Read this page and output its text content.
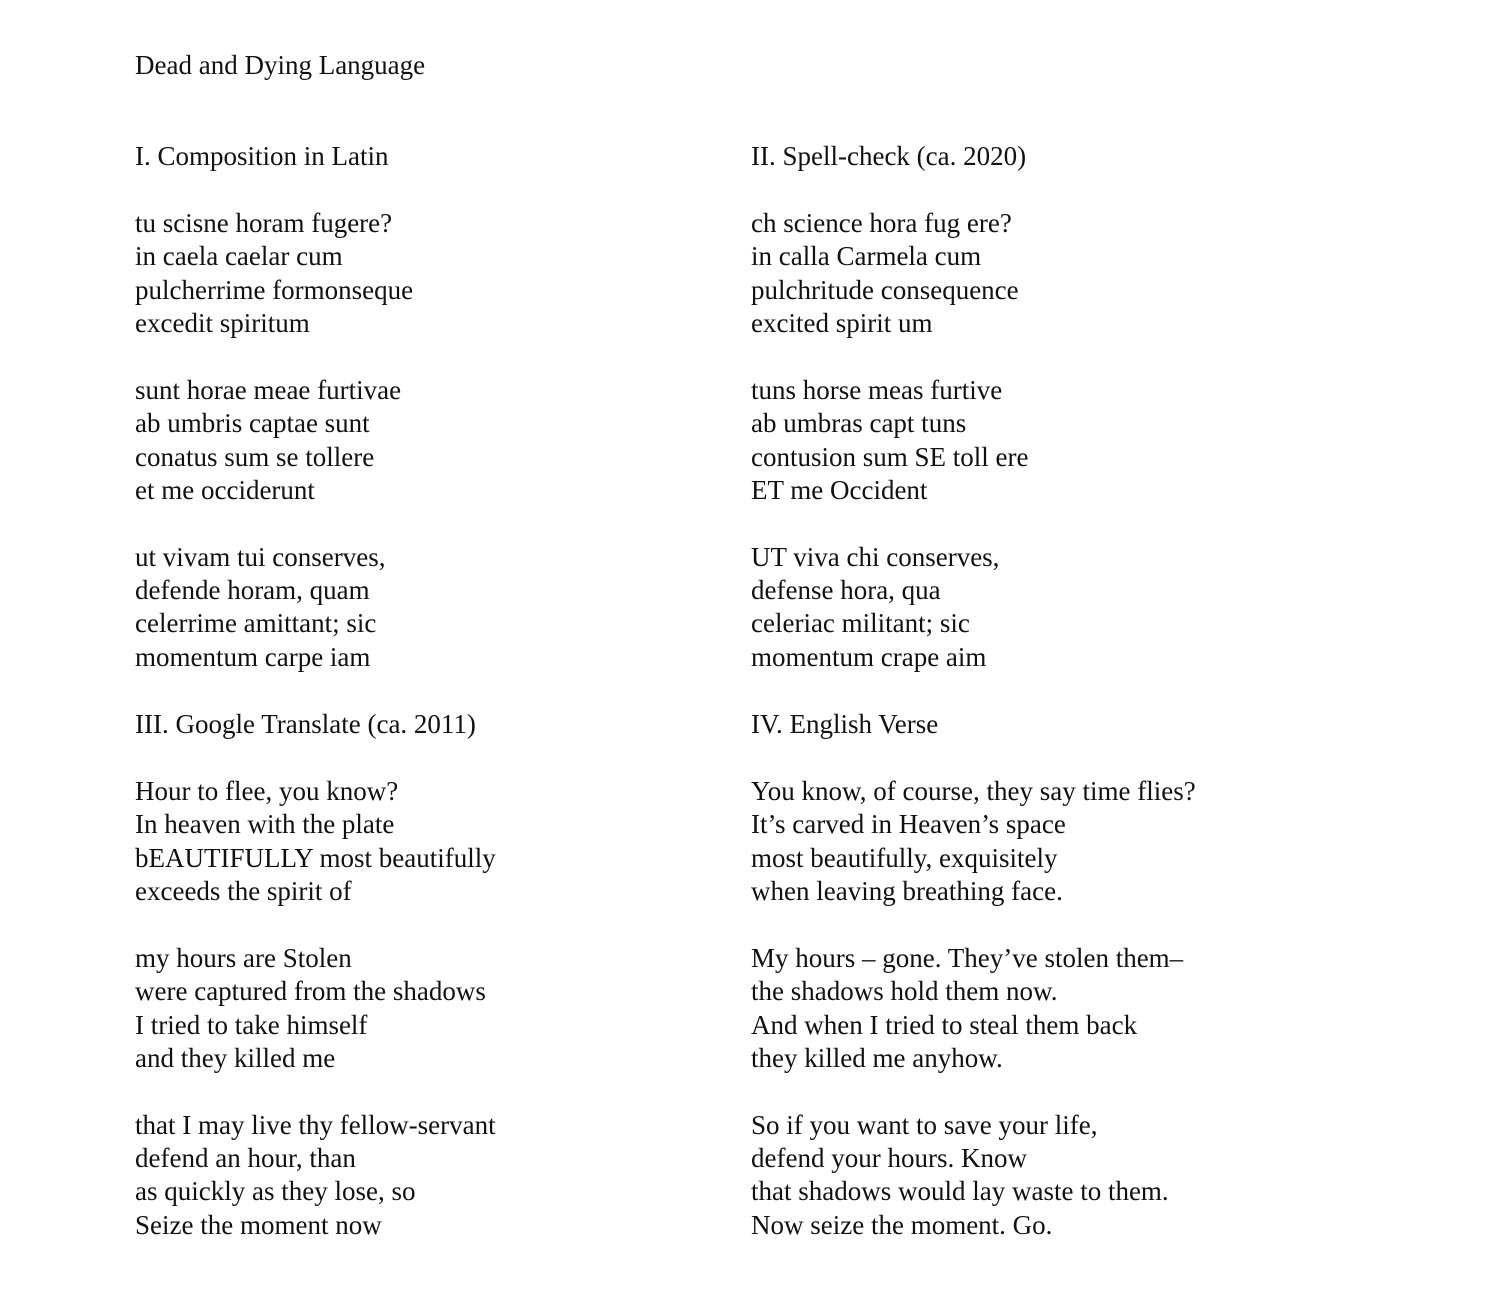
Dead and Dying Language
I. Composition in Latin
tu scisne horam fugere?
in caela caelar cum
pulcherrime formonseque
excedit spiritum
sunt horae meae furtivae
ab umbris captae sunt
conatus sum se tollere
et me occiderunt
ut vivam tui conserves,
defende horam, quam
celerrime amittant; sic
momentum carpe iam
II. Spell-check (ca. 2020)
ch science hora fug ere?
in calla Carmela cum
pulchritude consequence
excited spirit um
tuns horse meas furtive
ab umbras capt tuns
contusion sum SE toll ere
ET me Occident
UT viva chi conserves,
defense hora, qua
celeriac militant; sic
momentum crape aim
III. Google Translate (ca. 2011)
Hour to flee, you know?
In heaven with the plate
bEAUTIFULLY most beautifully
exceeds the spirit of
my hours are Stolen
were captured from the shadows
I tried to take himself
and they killed me
that I may live thy fellow-servant
defend an hour, than
as quickly as they lose, so
Seize the moment now
IV. English Verse
You know, of course, they say time flies?
It’s carved in Heaven’s space
most beautifully, exquisitely
when leaving breathing face.
My hours – gone. They’ve stolen them–
the shadows hold them now.
And when I tried to steal them back
they killed me anyhow.
So if you want to save your life,
defend your hours. Know
that shadows would lay waste to them.
Now seize the moment. Go.
